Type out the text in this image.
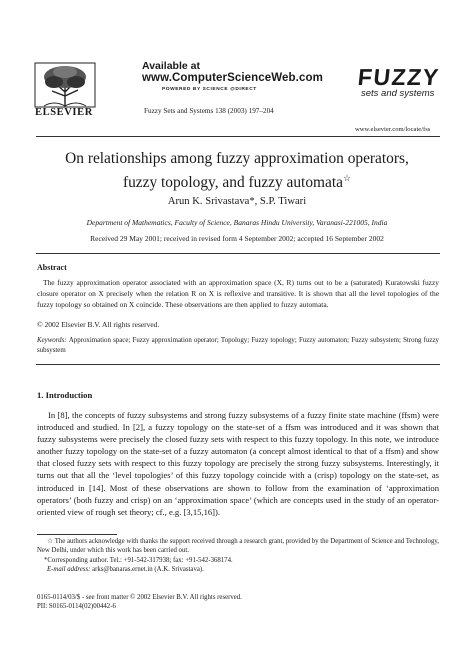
ELSEVIER
Available at
www.ComputerScienceWeb.com
POWERED BY SCIENCE @DIRECT
Fuzzy Sets and Systems 138 (2003) 197–204
FUZZY
sets and systems
www.elsevier.com/locate/fss
On relationships among fuzzy approximation operators,
fuzzy topology, and fuzzy automata☆
Arun K. Srivastava*, S.P. Tiwari
Department of Mathematics, Faculty of Science, Banaras Hindu University, Varanasi-221005, India
Received 29 May 2001; received in revised form 4 September 2002; accepted 16 September 2002
Abstract
The fuzzy approximation operator associated with an approximation space (X, R) turns out to be a (saturated) Kuratowski fuzzy closure operator on X precisely when the relation R on X is reflexive and transitive. It is shown that all the level topologies of the fuzzy topology so obtained on X coincide. These observations are then applied to fuzzy automata.
© 2002 Elsevier B.V. All rights reserved.
Keywords: Approximation space; Fuzzy approximation operator; Topology; Fuzzy topology; Fuzzy automaton; Fuzzy subsystem; Strong fuzzy subsystem
1. Introduction
In [8], the concepts of fuzzy subsystems and strong fuzzy subsystems of a fuzzy finite state machine (ffsm) were introduced and studied. In [2], a fuzzy topology on the state-set of a ffsm was introduced and it was shown that fuzzy subsystems were precisely the closed fuzzy sets with respect to this fuzzy topology. In this note, we introduce another fuzzy topology on the state-set of a fuzzy automaton (a concept almost identical to that of a ffsm) and show that closed fuzzy sets with respect to this fuzzy topology are precisely the strong fuzzy subsystems. Interestingly, it turns out that all the ‘level topologies’ of this fuzzy topology coincide with a (crisp) topology on the state-set, as introduced in [14]. Most of these observations are shown to follow from the examination of ‘approximation operators’ (both fuzzy and crisp) on an ‘approximation space’ (which are concepts used in the study of an operator-oriented view of rough set theory; cf., e.g. [3,15,16]).
☆ The authors acknowledge with thanks the support received through a research grant, provided by the Department of Science and Technology, New Delhi, under which this work has been carried out.
*Corresponding author. Tel.: +91-542-317938; fax: +91-542-368174.
E-mail address: arks@banaras.ernet.in (A.K. Srivastava).
0165-0114/03/$ - see front matter © 2002 Elsevier B.V. All rights reserved.
PII: S0165-0114(02)00442-6
